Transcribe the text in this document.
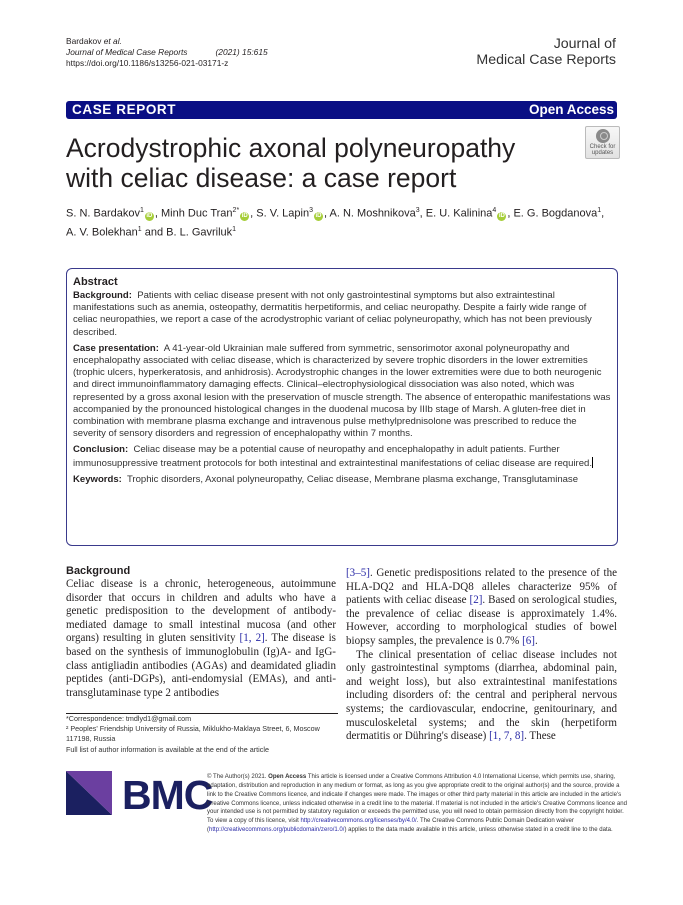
Bardakov et al.
Journal of Medical Case Reports	(2021) 15:615
https://doi.org/10.1186/s13256-021-03171-z
Journal of
Medical Case Reports
CASE REPORT	Open Access
Check for
updates
Acrodystrophic axonal polyneuropathy
with celiac disease: a case report
S. N. Bardakov$^1$iD , Minh Duc Tran$^{2*}$iD , S. V. Lapin$^3$iD , A. N. Moshnikova$^3$, E. U. Kalinina$^4$iD , E. G. Bogdanova$^1$,
A. V. Bolekhan$^1$ and B. L. Gavriluk$^1$
Abstract

Background: Patients with celiac disease present with not only gastrointestinal symptoms but also extraintestinal manifestations such as anemia, osteopathy, dermatitis herpetiformis, and celiac neuropathy. Despite a fairly wide range of celiac neuropathies, we report a case of the acrodystrophic variant of celiac polyneuropathy, which has not been previously described.

Case presentation: A 41-year-old Ukrainian male suffered from symmetric, sensorimotor axonal polyneuropathy and encephalopathy associated with celiac disease, which is characterized by severe trophic disorders in the lower extremities (trophic ulcers, hyperkeratosis, and anhidrosis). Acrodystrophic changes in the lower extremities were due to both neurogenic and direct immunoinflammatory damaging effects. Clinical–electrophysiological dissociation was also noted, which was represented by a gross axonal lesion with the preservation of muscle strength. The absence of enteropathic manifestations was accompanied by the pronounced histological changes in the duodenal mucosa by IIIb stage of Marsh. A gluten-free diet in combination with membrane plasma exchange and intravenous pulse methylprednisolone was prescribed to reduce the severity of sensory disorders and regression of encephalopathy within 7 months.

Conclusion: Celiac disease may be a potential cause of neuropathy and encephalopathy in adult patients. Further immunosuppressive treatment protocols for both intestinal and extraintestinal manifestations of celiac disease are required.

Keywords: Trophic disorders, Axonal polyneuropathy, Celiac disease, Membrane plasma exchange, Transglutaminase

Background

Celiac disease is a chronic, heterogeneous, autoimmune disorder that occurs in children and adults who have a genetic predisposition to the development of antibody-mediated damage to small intestinal mucosa (and other organs) resulting in gluten sensitivity [1, 2]. The disease is based on the synthesis of immunoglobulin (Ig)A- and IgG-class antigliadin antibodies (AGAs) and deamidated gliadin peptides (anti-DGPs), anti-endomysial (EMAs), and anti-transglutaminase type 2 antibodies

[3–5]. Genetic predispositions related to the presence of the HLA-DQ2 and HLA-DQ8 alleles characterize 95% of patients with celiac disease [2]. Based on serological studies, the prevalence of celiac disease is approximately 1.4%. However, according to morphological studies of bowel biopsy samples, the prevalence is 0.7% [6].

The clinical presentation of celiac disease includes not only gastrointestinal symptoms (diarrhea, abdominal pain, and weight loss), but also extraintestinal manifestations including disorders of: the central and peripheral nervous systems; the cardiovascular, endocrine, genitourinary, and musculoskeletal systems; and the skin (herpetiform dermatitis or Dühring's disease) [1, 7, 8]. These

*Correspondence: tmdlyd1@gmail.com
² Peoples' Friendship University of Russia, Miklukho-Maklaya Street, 6, Moscow 117198, Russia
Full list of author information is available at the end of the article
BMC
© The Author(s) 2021. Open Access This article is licensed under a Creative Commons Attribution 4.0 International License, which permits use, sharing, adaptation, distribution and reproduction in any medium or format, as long as you give appropriate credit to the original author(s) and the source, provide a link to the Creative Commons licence, and indicate if changes were made. The images or other third party material in this article are included in the article's Creative Commons licence, unless indicated otherwise in a credit line to the material. If material is not included in the article's Creative Commons licence and your intended use is not permitted by statutory regulation or exceeds the permitted use, you will need to obtain permission directly from the copyright holder. To view a copy of this licence, visit http://creativecommons.org/licenses/by/4.0/. The Creative Commons Public Domain Dedication waiver (http://creativecommons.org/publicdomain/zero/1.0/) applies to the data made available in this article, unless otherwise stated in a credit line to the data.
